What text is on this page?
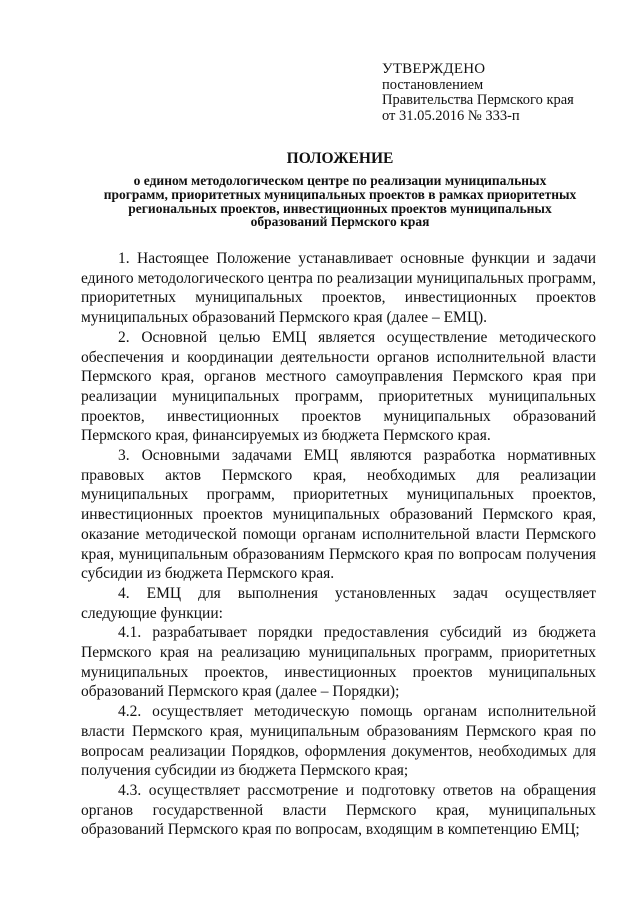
УТВЕРЖДЕНО
постановлением
Правительства Пермского края
от 31.05.2016 № 333-п
ПОЛОЖЕНИЕ
о едином методологическом центре по реализации муниципальных программ, приоритетных муниципальных проектов в рамках приоритетных региональных проектов, инвестиционных проектов муниципальных образований Пермского края

1. Настоящее Положение устанавливает основные функции и задачи единого методологического центра по реализации муниципальных программ, приоритетных муниципальных проектов, инвестиционных проектов муниципальных образований Пермского края (далее – ЕМЦ).

2. Основной целью ЕМЦ является осуществление методического обеспечения и координации деятельности органов исполнительной власти Пермского края, органов местного самоуправления Пермского края при реализации муниципальных программ, приоритетных муниципальных проектов, инвестиционных проектов муниципальных образований Пермского края, финансируемых из бюджета Пермского края.

3. Основными задачами ЕМЦ являются разработка нормативных правовых актов Пермского края, необходимых для реализации муниципальных программ, приоритетных муниципальных проектов, инвестиционных проектов муниципальных образований Пермского края, оказание методической помощи органам исполнительной власти Пермского края, муниципальным образованиям Пермского края по вопросам получения субсидии из бюджета Пермского края.

4. ЕМЦ для выполнения установленных задач осуществляет следующие функции:

4.1. разрабатывает порядки предоставления субсидий из бюджета Пермского края на реализацию муниципальных программ, приоритетных муниципальных проектов, инвестиционных проектов муниципальных образований Пермского края (далее – Порядки);

4.2. осуществляет методическую помощь органам исполнительной власти Пермского края, муниципальным образованиям Пермского края по вопросам реализации Порядков, оформления документов, необходимых для получения субсидии из бюджета Пермского края;

4.3. осуществляет рассмотрение и подготовку ответов на обращения органов государственной власти Пермского края, муниципальных образований Пермского края по вопросам, входящим в компетенцию ЕМЦ;
